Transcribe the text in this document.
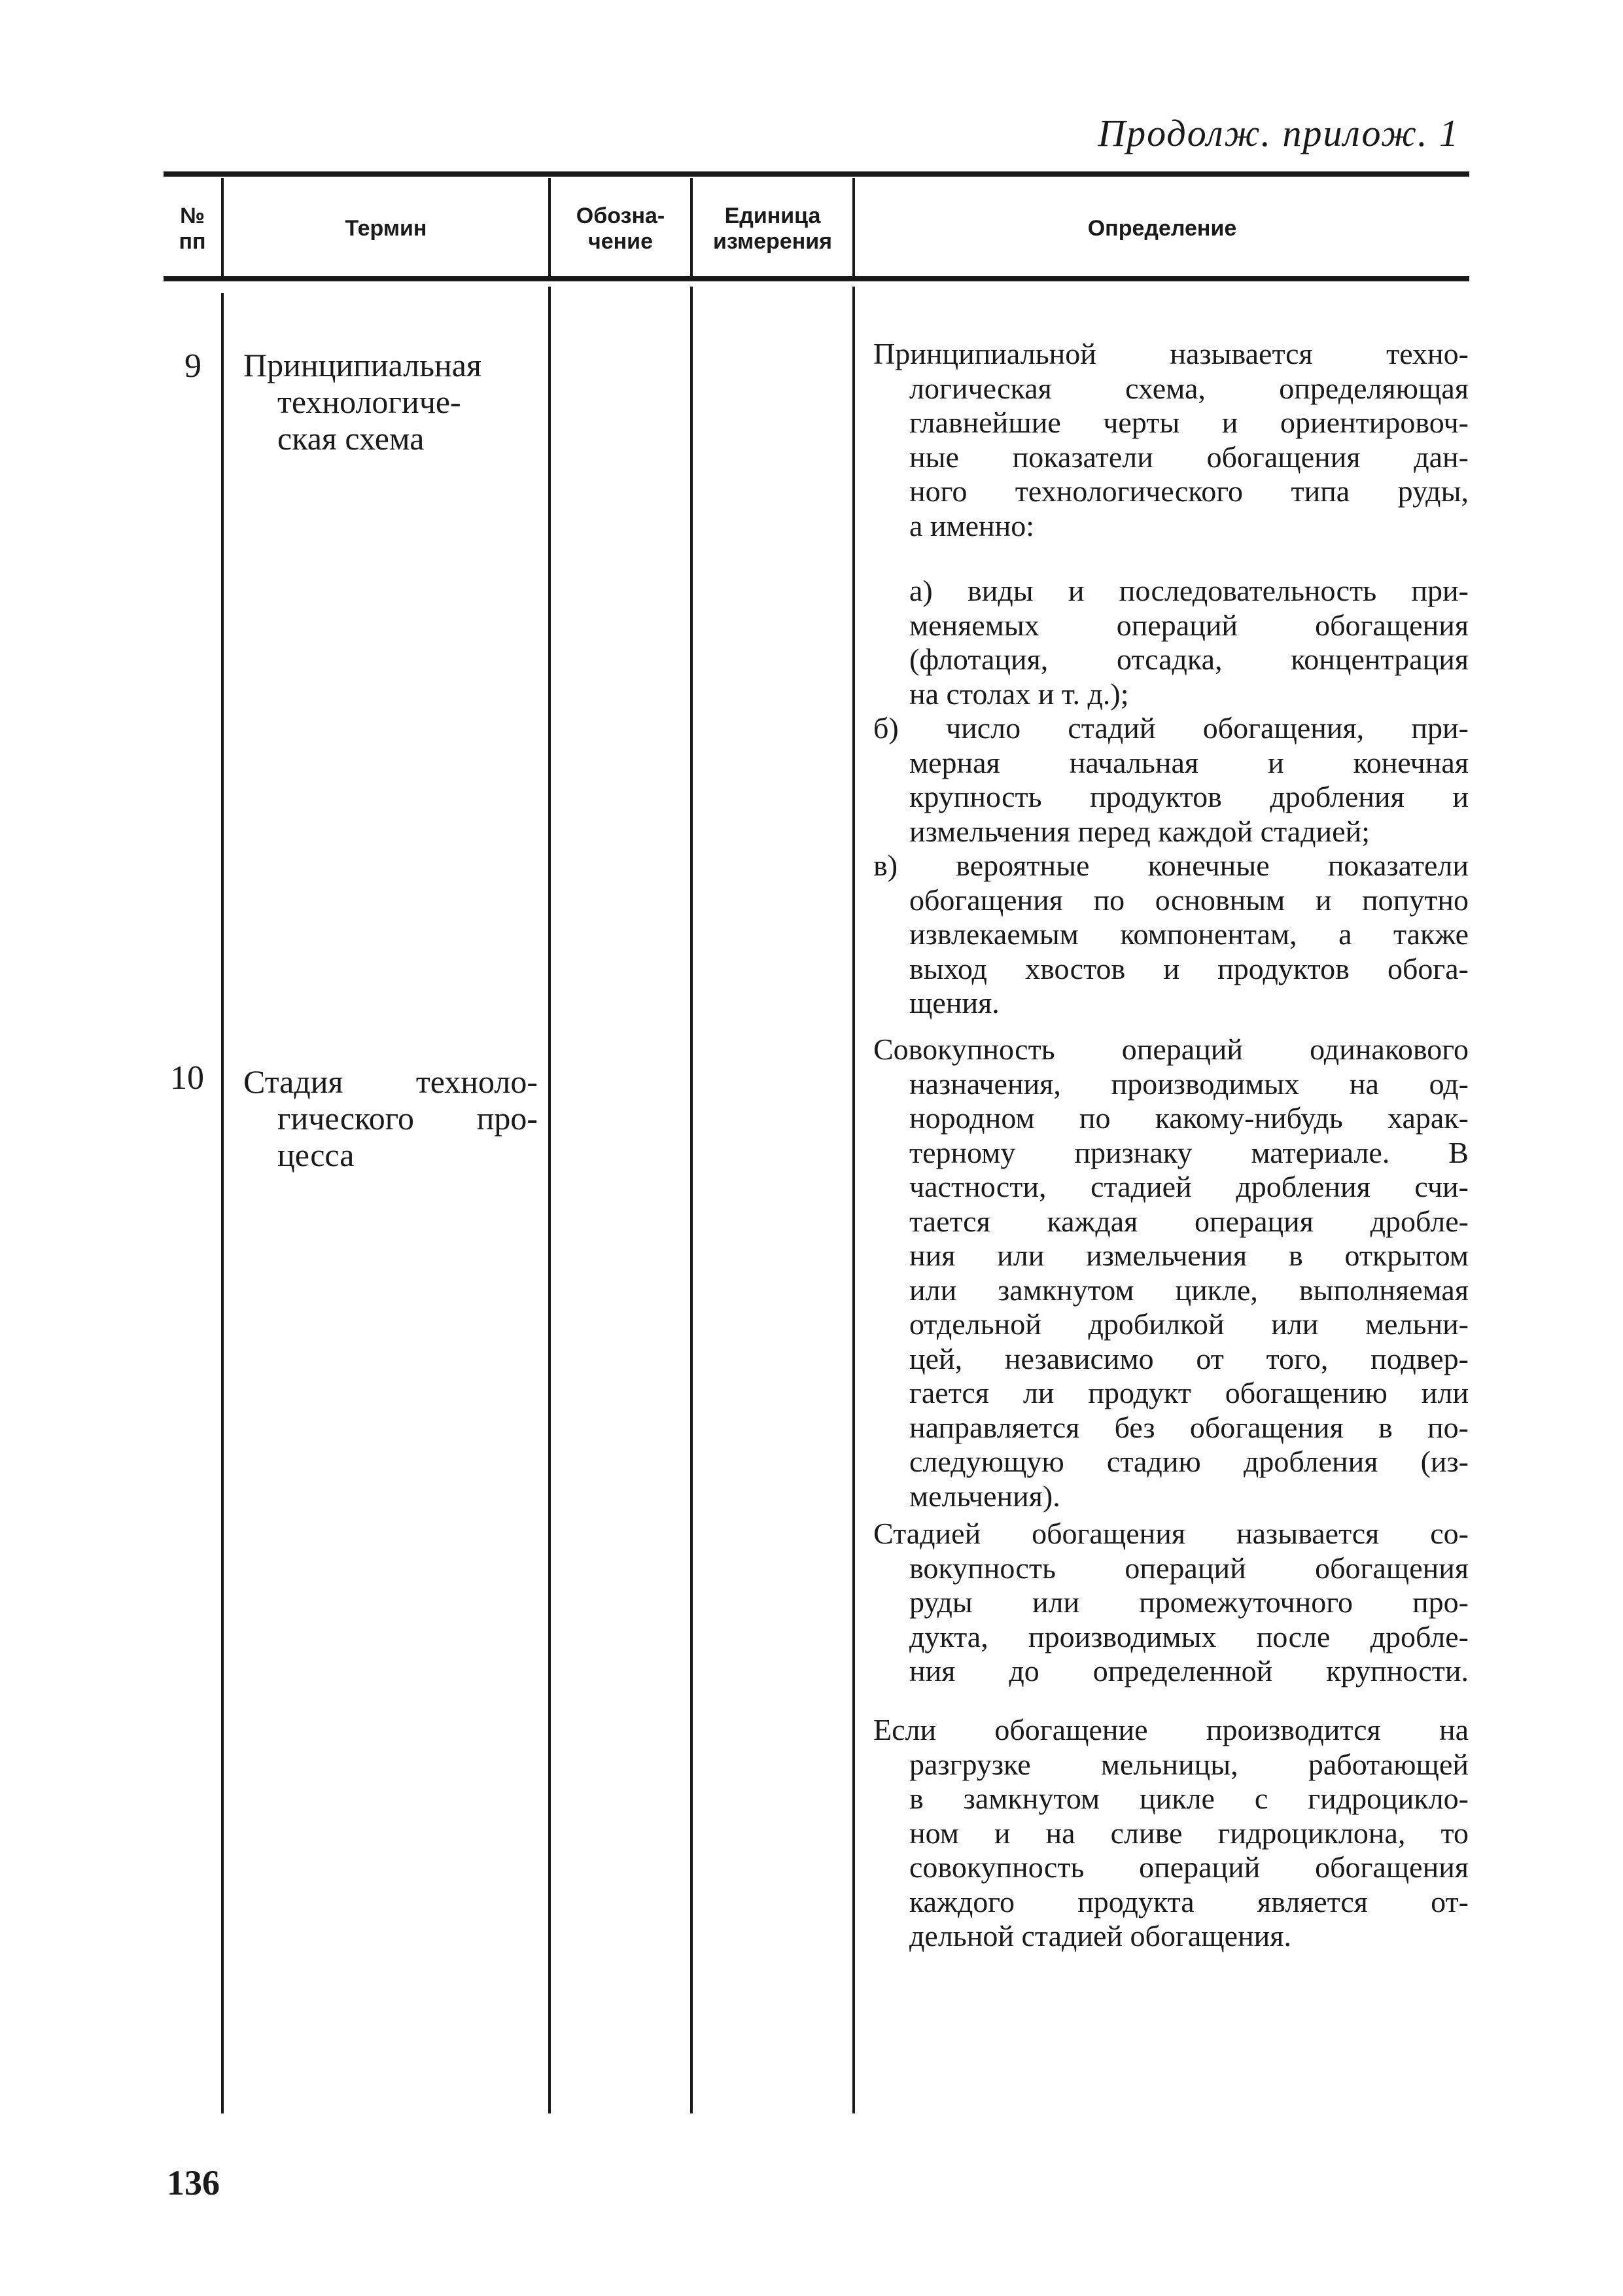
Продолж. прилож. 1
№
пп
Термин
Обозна-
чение
Единица
измерения
Определение
9 Принципиальная
технологиче-
ская схема

Принципиальной называется техно-
логическая схема, определяющая
главнейшие черты и ориентировоч-
ные показатели обогащения дан-
ного технологического типа руды,
а именно:

а) виды и последовательность при-
меняемых операций обогащения
(флотация, отсадка, концентрация
на столах и т. д.);
б) число стадий обогащения, при-
мерная начальная и конечная
крупность продуктов дробления и
измельчения перед каждой стадией;
в) вероятные конечные показатели
обогащения по основным и попутно
извлекаемым компонентам, а также
выход хвостов и продуктов обога-
щения.

10 Стадия техноло-
гического про-
цесса

Совокупность операций одинакового
назначения, производимых на од-
нородном по какому-нибудь харак-
терному признаку материале. В
частности, стадией дробления счи-
тается каждая операция дробле-
ния или измельчения в открытом
или замкнутом цикле, выполняемая
отдельной дробилкой или мельни-
цей, независимо от того, подвер-
гается ли продукт обогащению или
направляется без обогащения в по-
следующую стадию дробления (из-
мельчения).

Стадией обогащения называется со-
вокупность операций обогащения
руды или промежуточного про-
дукта, производимых после дробле-
ния до определенной крупности.

Если обогащение производится на
разгрузке мельницы, работающей
в замкнутом цикле с гидроцикло-
ном и на сливе гидроциклона, то
совокупность операций обогащения
каждого продукта является от-
дельной стадией обогащения.

136
